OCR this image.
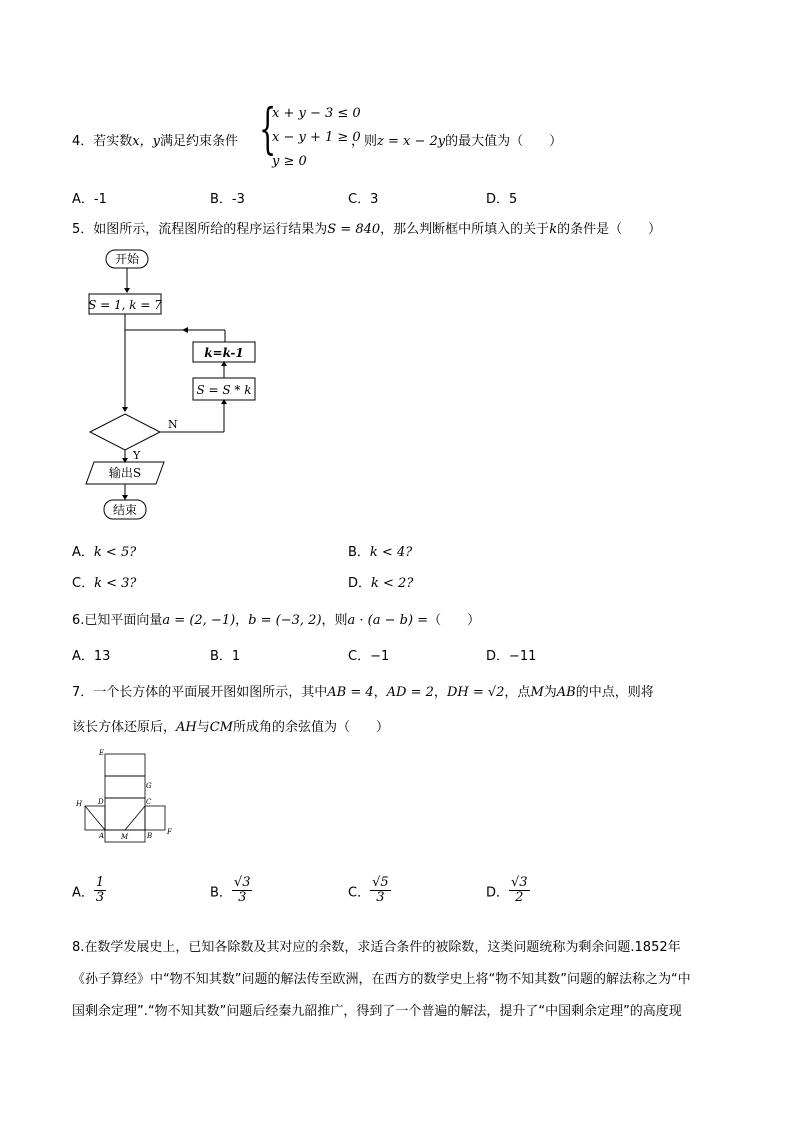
4．若实数x，y满足约束条件 {
x + y − 3 ≤ 0
x − y + 1 ≥ 0
y ≥ 0
，则z = x − 2y的最大值为（　　）
A．-1	B．-3	C．3	D．5
5．如图所示，流程图所给的程序运行结果为S = 840，那么判断框中所填入的关于k的条件是（　　）
开始
S = 1, k = 7
N
Y
输出S
结束
k=k-1
S = S * k
A．k < 5?	B．k < 4?
C．k < 3?	D．k < 2?
6.已知平面向量a = (2, −1)，b = (−3, 2)，则a · (a − b) =（　　）
A．13	B．1	C．−1	D．−11
7．一个长方体的平面展开图如图所示，其中AB = 4，AD = 2，DH = √2，点M为AB的中点，则将
该长方体还原后，AH与CM所成角的余弦值为（　　）
E
G
H D	C
A M	B F
A． $\frac{1}{3}$	B． $\frac{√3}{3}$	C． $\frac{√5}{3}$	D． $\frac{√3}{2}$
8.在数学发展史上，已知各除数及其对应的余数，求适合条件的被除数，这类问题统称为剩余问题.1852年
《孙子算经》中“物不知其数”问题的解法传至欧洲，在西方的数学史上将“物不知其数”问题的解法称之为“中
国剩余定理”.“物不知其数”问题后经秦九韶推广，得到了一个普遍的解法，提升了“中国剩余定理”的高度现
